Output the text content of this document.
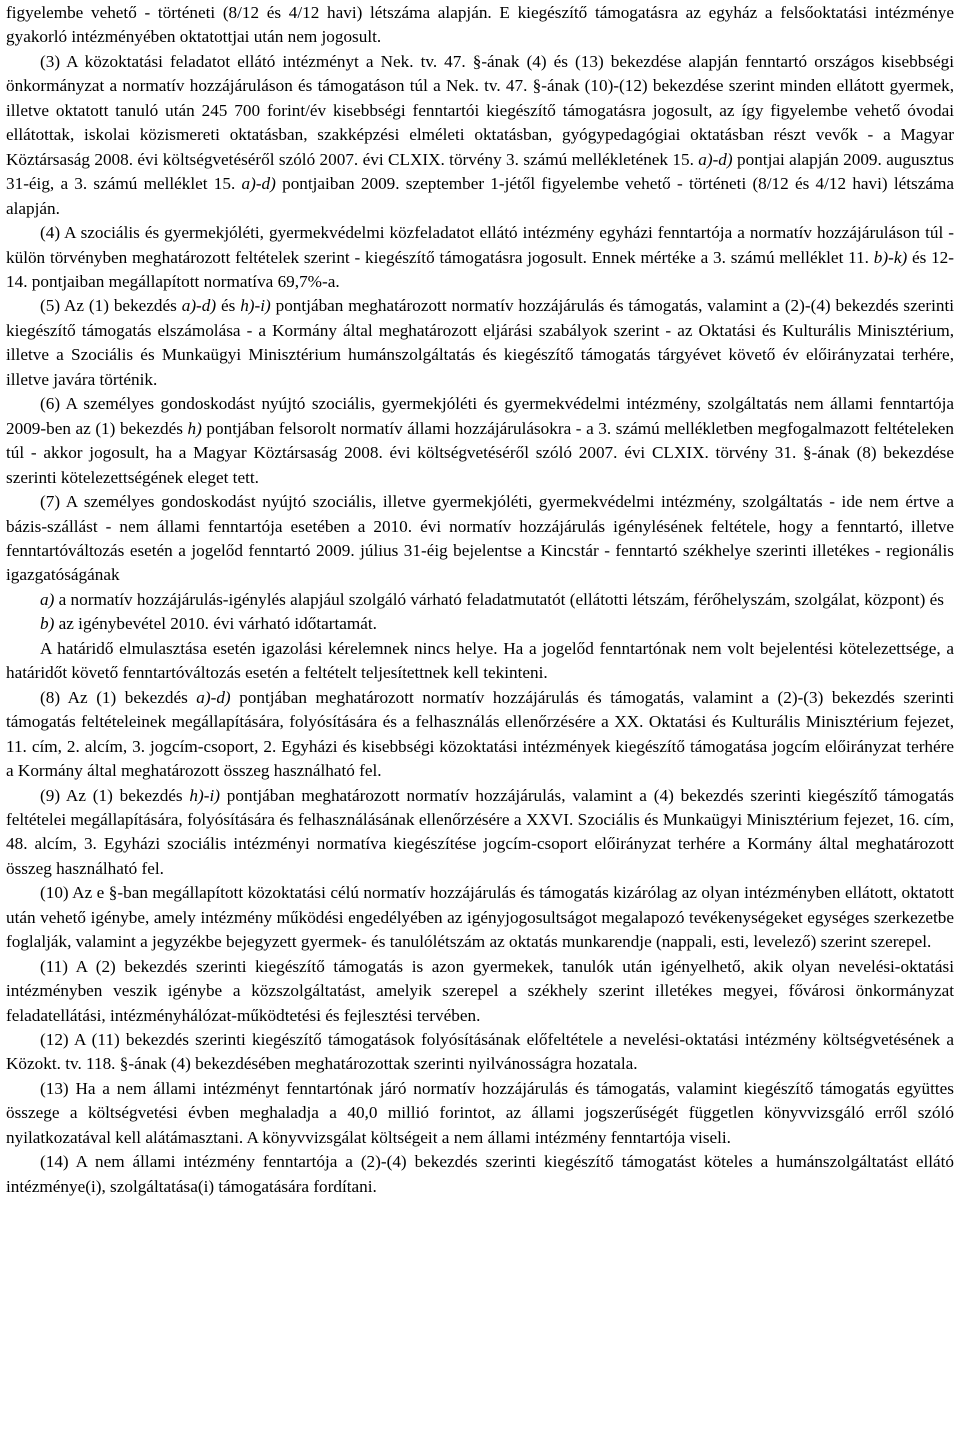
figyelembe vehető - történeti (8/12 és 4/12 havi) létszáma alapján. E kiegészítő támogatásra az egyház a felsőoktatási intézménye gyakorló intézményében oktatottjai után nem jogosult.

(3) A közoktatási feladatot ellátó intézményt a Nek. tv. 47. §-ának (4) és (13) bekezdése alapján fenntartó országos kisebbségi önkormányzat a normatív hozzájáruláson és támogatáson túl a Nek. tv. 47. §-ának (10)-(12) bekezdése szerint minden ellátott gyermek, illetve oktatott tanuló után 245 700 forint/év kisebbségi fenntartói kiegészítő támogatásra jogosult, az így figyelembe vehető óvodai ellátottak, iskolai közismereti oktatásban, szakképzési elméleti oktatásban, gyógypedagógiai oktatásban részt vevők - a Magyar Köztársaság 2008. évi költségvetéséről szóló 2007. évi CLXIX. törvény 3. számú mellékletének 15. a)-d) pontjai alapján 2009. augusztus 31-éig, a 3. számú melléklet 15. a)-d) pontjaiban 2009. szeptember 1-jétől figyelembe vehető - történeti (8/12 és 4/12 havi) létszáma alapján.

(4) A szociális és gyermekjóléti, gyermekvédelmi közfeladatot ellátó intézmény egyházi fenntartója a normatív hozzájáruláson túl - külön törvényben meghatározott feltételek szerint - kiegészítő támogatásra jogosult. Ennek mértéke a 3. számú melléklet 11. b)-k) és 12-14. pontjaiban megállapított normatíva 69,7%-a.

(5) Az (1) bekezdés a)-d) és h)-i) pontjában meghatározott normatív hozzájárulás és támogatás, valamint a (2)-(4) bekezdés szerinti kiegészítő támogatás elszámolása - a Kormány által meghatározott eljárási szabályok szerint - az Oktatási és Kulturális Minisztérium, illetve a Szociális és Munkaügyi Minisztérium humánszolgáltatás és kiegészítő támogatás tárgyévet követő év előirányzatai terhére, illetve javára történik.

(6) A személyes gondoskodást nyújtó szociális, gyermekjóléti és gyermekvédelmi intézmény, szolgáltatás nem állami fenntartója 2009-ben az (1) bekezdés h) pontjában felsorolt normatív állami hozzájárulásokra - a 3. számú mellékletben megfogalmazott feltételeken túl - akkor jogosult, ha a Magyar Köztársaság 2008. évi költségvetéséről szóló 2007. évi CLXIX. törvény 31. §-ának (8) bekezdése szerinti kötelezettségének eleget tett.

(7) A személyes gondoskodást nyújtó szociális, illetve gyermekjóléti, gyermekvédelmi intézmény, szolgáltatás - ide nem értve a bázis-szállást - nem állami fenntartója esetében a 2010. évi normatív hozzájárulás igénylésének feltétele, hogy a fenntartó, illetve fenntartóváltozás esetén a jogelőd fenntartó 2009. július 31-éig bejelentse a Kincstár - fenntartó székhelye szerinti illetékes - regionális igazgatóságának

a) a normatív hozzájárulás-igénylés alapjául szolgáló várható feladatmutatót (ellátotti létszám, férőhelyszám, szolgálat, központ) és

b) az igénybevétel 2010. évi várható időtartamát.

A határidő elmulasztása esetén igazolási kérelemnek nincs helye. Ha a jogelőd fenntartónak nem volt bejelentési kötelezettsége, a határidőt követő fenntartóváltozás esetén a feltételt teljesítettnek kell tekinteni.

(8) Az (1) bekezdés a)-d) pontjában meghatározott normatív hozzájárulás és támogatás, valamint a (2)-(3) bekezdés szerinti támogatás feltételeinek megállapítására, folyósítására és a felhasználás ellenőrzésére a XX. Oktatási és Kulturális Minisztérium fejezet, 11. cím, 2. alcím, 3. jogcím-csoport, 2. Egyházi és kisebbségi közoktatási intézmények kiegészítő támogatása jogcím előirányzat terhére a Kormány által meghatározott összeg használható fel.

(9) Az (1) bekezdés h)-i) pontjában meghatározott normatív hozzájárulás, valamint a (4) bekezdés szerinti kiegészítő támogatás feltételei megállapítására, folyósítására és felhasználásának ellenőrzésére a XXVI. Szociális és Munkaügyi Minisztérium fejezet, 16. cím, 48. alcím, 3. Egyházi szociális intézményi normatíva kiegészítése jogcím-csoport előirányzat terhére a Kormány által meghatározott összeg használható fel.

(10) Az e §-ban megállapított közoktatási célú normatív hozzájárulás és támogatás kizárólag az olyan intézményben ellátott, oktatott után vehető igénybe, amely intézmény működési engedélyében az igényjogosultságot megalapozó tevékenységeket egységes szerkezetbe foglalják, valamint a jegyzékbe bejegyzett gyermek- és tanulólétszám az oktatás munkarendje (nappali, esti, levelező) szerint szerepel.

(11) A (2) bekezdés szerinti kiegészítő támogatás is azon gyermekek, tanulók után igényelhető, akik olyan nevelési-oktatási intézményben veszik igénybe a közszolgáltatást, amelyik szerepel a székhely szerint illetékes megyei, fővárosi önkormányzat feladatellátási, intézményhálózat-működtetési és fejlesztési tervében.

(12) A (11) bekezdés szerinti kiegészítő támogatások folyósításának előfeltétele a nevelési-oktatási intézmény költségvetésének a Közokt. tv. 118. §-ának (4) bekezdésében meghatározottak szerinti nyilvánosságra hozatala.

(13) Ha a nem állami intézményt fenntartónak járó normatív hozzájárulás és támogatás, valamint kiegészítő támogatás együttes összege a költségvetési évben meghaladja a 40,0 millió forintot, az állami jogszerűségét független könyvvizsgáló erről szóló nyilatkozatával kell alátámasztani. A könyvvizsgálat költségeit a nem állami intézmény fenntartója viseli.

(14) A nem állami intézmény fenntartója a (2)-(4) bekezdés szerinti kiegészítő támogatást köteles a humánszolgáltatást ellátó intézménye(i), szolgáltatása(i) támogatására fordítani.
